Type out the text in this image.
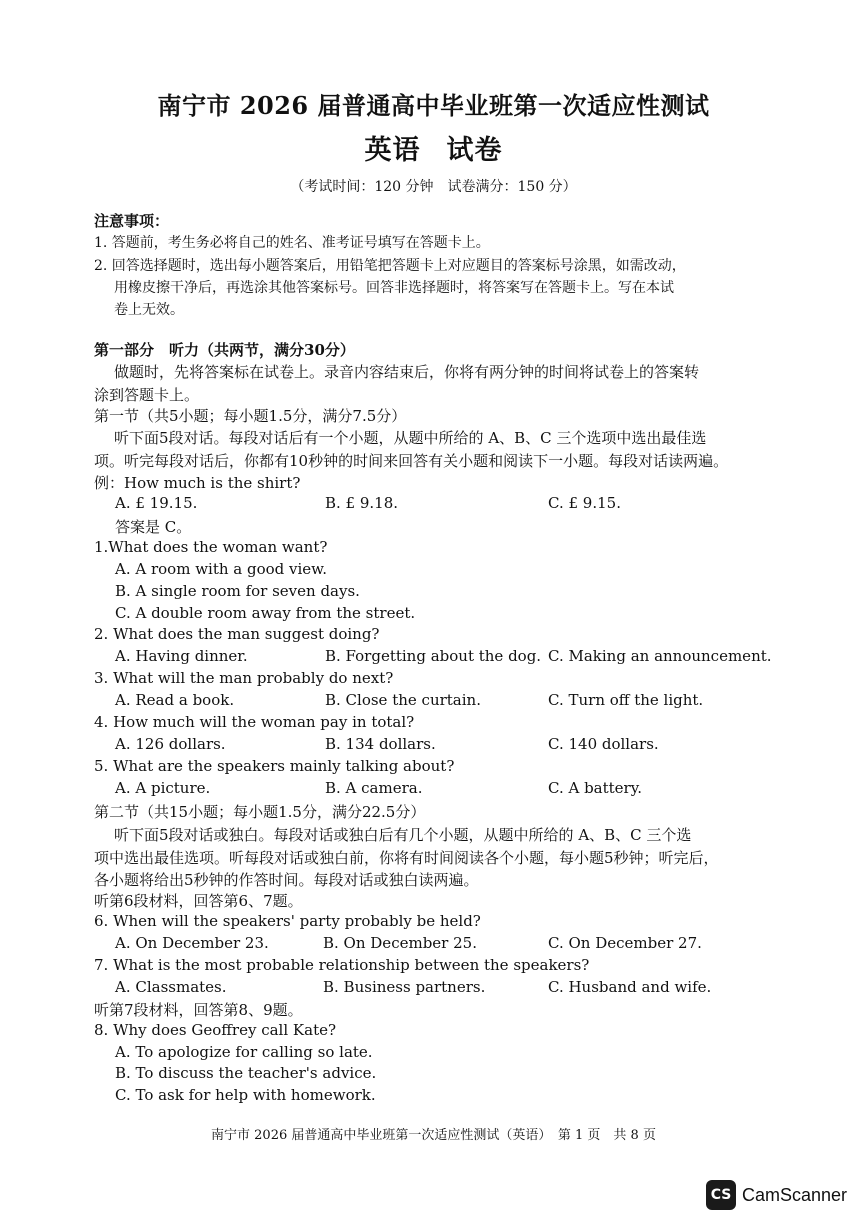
南宁市 2026 届普通高中毕业班第一次适应性测试
英语 试卷
（考试时间：120 分钟　试卷满分：150 分）
注意事项：
1. 答题前，考生务必将自己的姓名、准考证号填写在答题卡上。
2. 回答选择题时，选出每小题答案后，用铅笔把答题卡上对应题目的答案标号涂黑，如需改动，
用橡皮擦干净后，再选涂其他答案标号。回答非选择题时，将答案写在答题卡上。写在本试
卷上无效。
第一部分　听力（共两节，满分30分）
做题时，先将答案标在试卷上。录音内容结束后，你将有两分钟的时间将试卷上的答案转
涂到答题卡上。
第一节（共5小题；每小题1.5分，满分7.5分）
听下面5段对话。每段对话后有一个小题，从题中所给的 A、B、C 三个选项中选出最佳选
项。听完每段对话后，你都有10秒钟的时间来回答有关小题和阅读下一小题。每段对话读两遍。
例：How much is the shirt?
A. £ 19.15.	B. £ 9.18.	C. £ 9.15.
答案是 C。
1.What does the woman want?
A. A room with a good view.
B. A single room for seven days.
C. A double room away from the street.
2. What does the man suggest doing?
A. Having dinner.	B. Forgetting about the dog. C. Making an announcement.
3. What will the man probably do next?
A. Read a book.	B. Close the curtain.	C. Turn off the light.
4. How much will the woman pay in total?
A. 126 dollars.	B. 134 dollars.	C. 140 dollars.
5. What are the speakers mainly talking about?
A. A picture.	B. A camera.	C. A battery.
第二节（共15小题；每小题1.5分，满分22.5分）
听下面5段对话或独白。每段对话或独白后有几个小题，从题中所给的 A、B、C 三个选
项中选出最佳选项。听每段对话或独白前，你将有时间阅读各个小题，每小题5秒钟；听完后，
各小题将给出5秒钟的作答时间。每段对话或独白读两遍。
听第6段材料，回答第6、7题。
6. When will the speakers' party probably be held?
A. On December 23.	B. On December 25.	C. On December 27.
7. What is the most probable relationship between the speakers?
A. Classmates.	B. Business partners.	C. Husband and wife.
听第7段材料，回答第8、9题。
8. Why does Geoffrey call Kate?
A. To apologize for calling so late.
B. To discuss the teacher's advice.
C. To ask for help with homework.
南宁市 2026 届普通高中毕业班第一次适应性测试（英语）　第 1 页　共 8 页
CS CamScanner
